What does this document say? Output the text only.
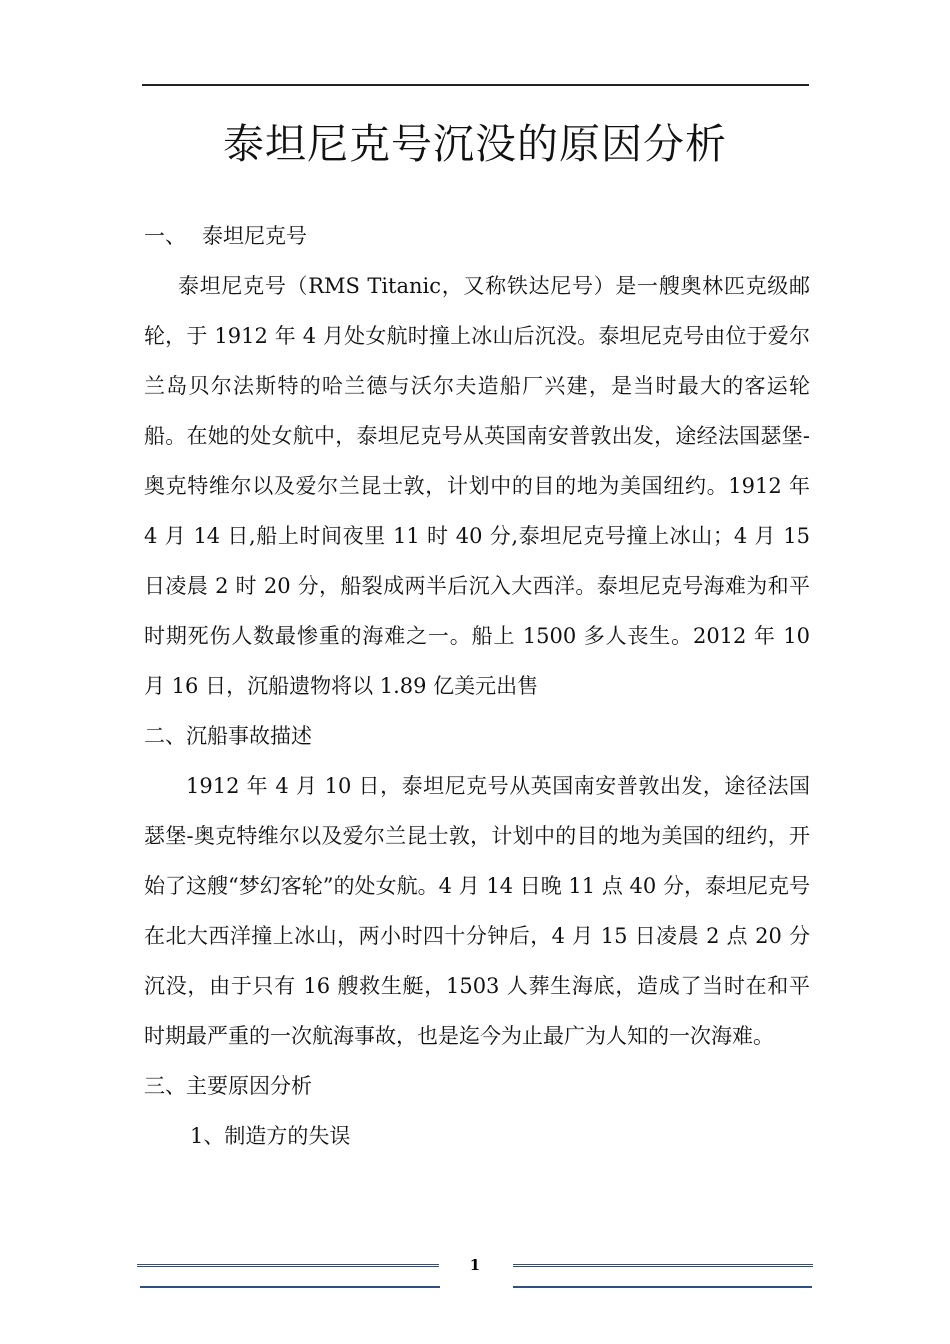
泰坦尼克号沉没的原因分析

一、 泰坦尼克号

泰坦尼克号（RMS Titanic，又称铁达尼号）是一艘奥林匹克级邮轮，于 1912 年 4 月处女航时撞上冰山后沉没。泰坦尼克号由位于爱尔兰岛贝尔法斯特的哈兰德与沃尔夫造船厂兴建，是当时最大的客运轮船。在她的处女航中，泰坦尼克号从英国南安普敦出发，途经法国瑟堡-奥克特维尔以及爱尔兰昆士敦，计划中的目的地为美国纽约。1912 年 4 月 14 日,船上时间夜里 11 时 40 分,泰坦尼克号撞上冰山；4 月 15 日凌晨 2 时 20 分，船裂成两半后沉入大西洋。泰坦尼克号海难为和平时期死伤人数最惨重的海难之一。船上 1500 多人丧生。2012 年 10 月 16 日，沉船遗物将以 1.89 亿美元出售

二、沉船事故描述

1912 年 4 月 10 日，泰坦尼克号从英国南安普敦出发，途径法国瑟堡-奥克特维尔以及爱尔兰昆士敦，计划中的目的地为美国的纽约，开始了这艘“梦幻客轮”的处女航。4 月 14 日晚 11 点 40 分，泰坦尼克号在北大西洋撞上冰山，两小时四十分钟后，4 月 15 日凌晨 2 点 20 分沉没，由于只有 16 艘救生艇，1503 人葬生海底，造成了当时在和平时期最严重的一次航海事故，也是迄今为止最广为人知的一次海难。

三、主要原因分析

1、制造方的失误

1
